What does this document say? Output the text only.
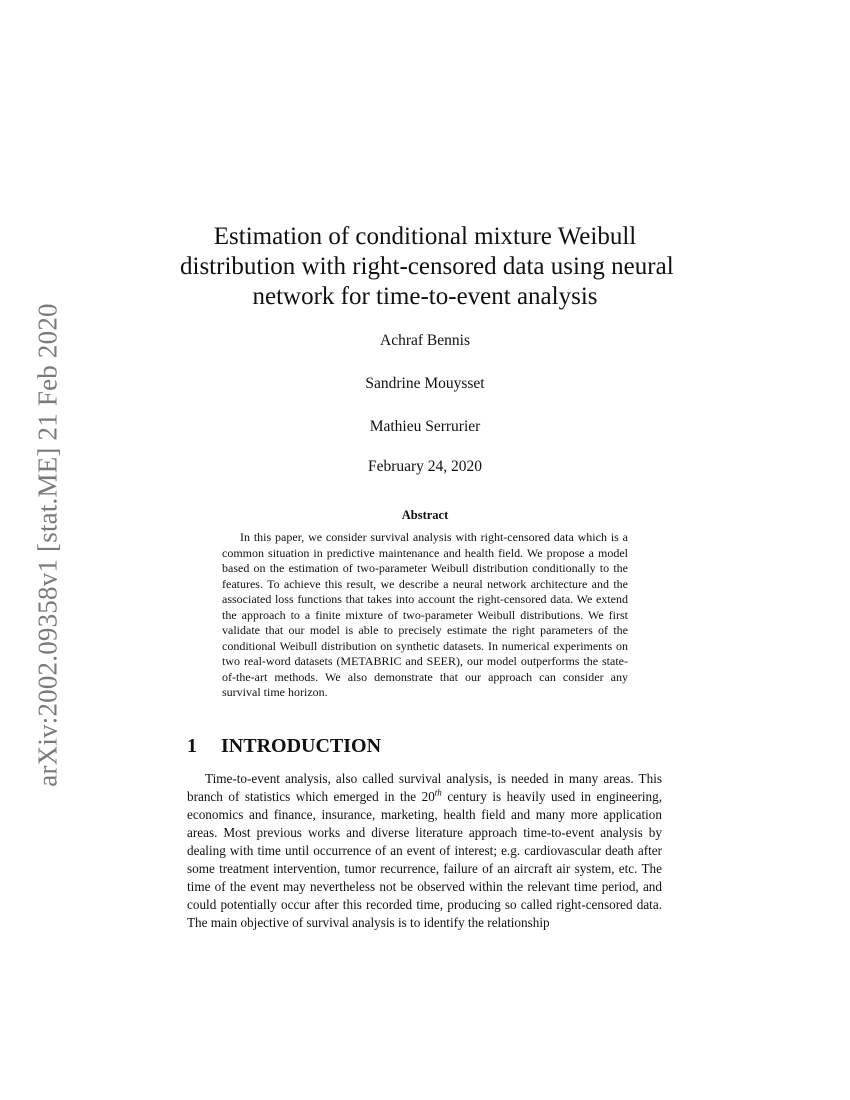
arXiv:2002.09358v1 [stat.ME] 21 Feb 2020
Estimation of conditional mixture Weibull
distribution with right-censored data using neural
network for time-to-event analysis
Achraf Bennis
Sandrine Mouysset
Mathieu Serrurier
February 24, 2020
Abstract

In this paper, we consider survival analysis with right-censored data which is a common situation in predictive maintenance and health field. We propose a model based on the estimation of two-parameter Weibull distribution conditionally to the features. To achieve this result, we describe a neural network architecture and the associated loss functions that takes into account the right-censored data. We extend the approach to a finite mixture of two-parameter Weibull distributions. We first validate that our model is able to precisely estimate the right parameters of the conditional Weibull distribution on synthetic datasets. In numerical experiments on two real-word datasets (METABRIC and SEER), our model outperforms the state-of-the-art methods. We also demonstrate that our approach can consider any survival time horizon.

1 INTRODUCTION

Time-to-event analysis, also called survival analysis, is needed in many areas. This branch of statistics which emerged in the 20th century is heavily used in engineering, economics and finance, insurance, marketing, health field and many more application areas. Most previous works and diverse literature approach time-to-event analysis by dealing with time until occurrence of an event of interest; e.g. cardiovascular death after some treatment intervention, tumor recurrence, failure of an aircraft air system, etc. The time of the event may nevertheless not be observed within the relevant time period, and could potentially occur after this recorded time, producing so called right-censored data. The main objective of survival analysis is to identify the relationship
